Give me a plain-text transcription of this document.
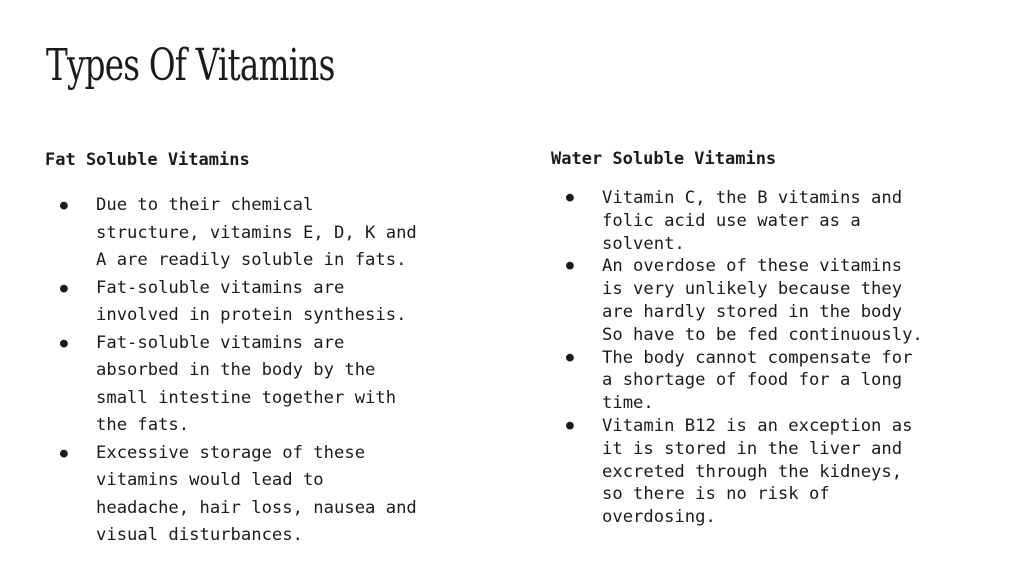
Types Of Vitamins
Fat Soluble Vitamins
● Due to their chemical
structure, vitamins E, D, K and
A are readily soluble in fats.
● Fat-soluble vitamins are
involved in protein synthesis.
● Fat-soluble vitamins are
absorbed in the body by the
small intestine together with
the fats.
● Excessive storage of these
vitamins would lead to
headache, hair loss, nausea and
visual disturbances.
Water Soluble Vitamins
● Vitamin C, the B vitamins and
folic acid use water as a
solvent.
● An overdose of these vitamins
is very unlikely because they
are hardly stored in the body
So have to be fed continuously.
● The body cannot compensate for
a shortage of food for a long
time.
● Vitamin B12 is an exception as
it is stored in the liver and
excreted through the kidneys,
so there is no risk of
overdosing.
